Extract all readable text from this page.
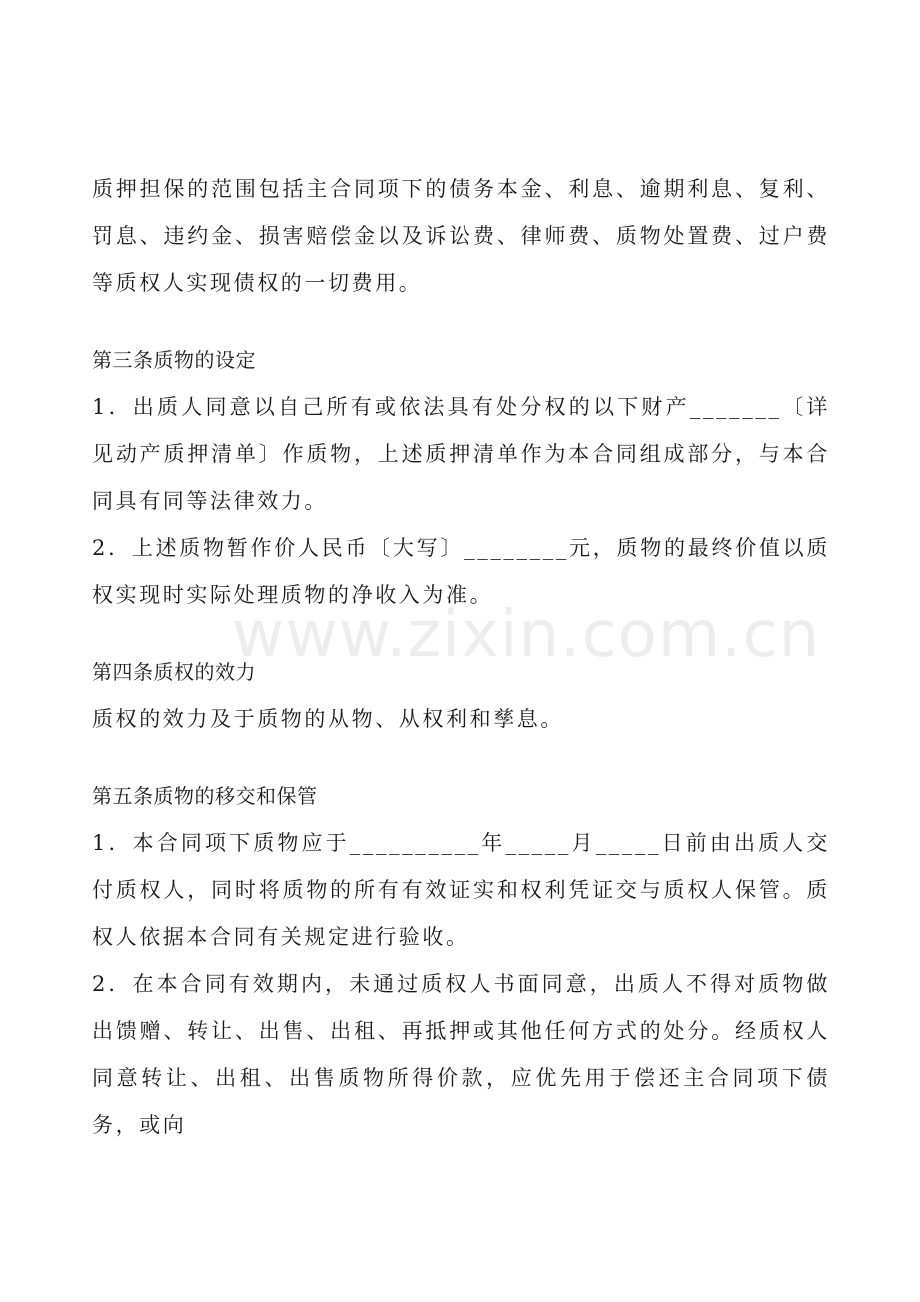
质押担保的范围包括主合同项下的债务本金、利息、逾期利息、复利、罚息、违约金、损害赔偿金以及诉讼费、律师费、质物处置费、过户费等质权人实现债权的一切费用。

第三条质物的设定

1．出质人同意以自己所有或依法具有处分权的以下财产_______〔详见动产质押清单〕作质物，上述质押清单作为本合同组成部分，与本合同具有同等法律效力。

2．上述质物暂作价人民币〔大写〕________元，质物的最终价值以质权实现时实际处理质物的净收入为准。

第四条质权的效力

质权的效力及于质物的从物、从权利和孳息。

第五条质物的移交和保管

1．本合同项下质物应于__________年_____月_____日前由出质人交付质权人，同时将质物的所有有效证实和权利凭证交与质权人保管。质权人依据本合同有关规定进行验收。

2．在本合同有效期内，未通过质权人书面同意，出质人不得对质物做出馈赠、转让、出售、出租、再抵押或其他任何方式的处分。经质权人同意转让、出租、出售质物所得价款，应优先用于偿还主合同项下债务，或向

www.zixin.com.cn
